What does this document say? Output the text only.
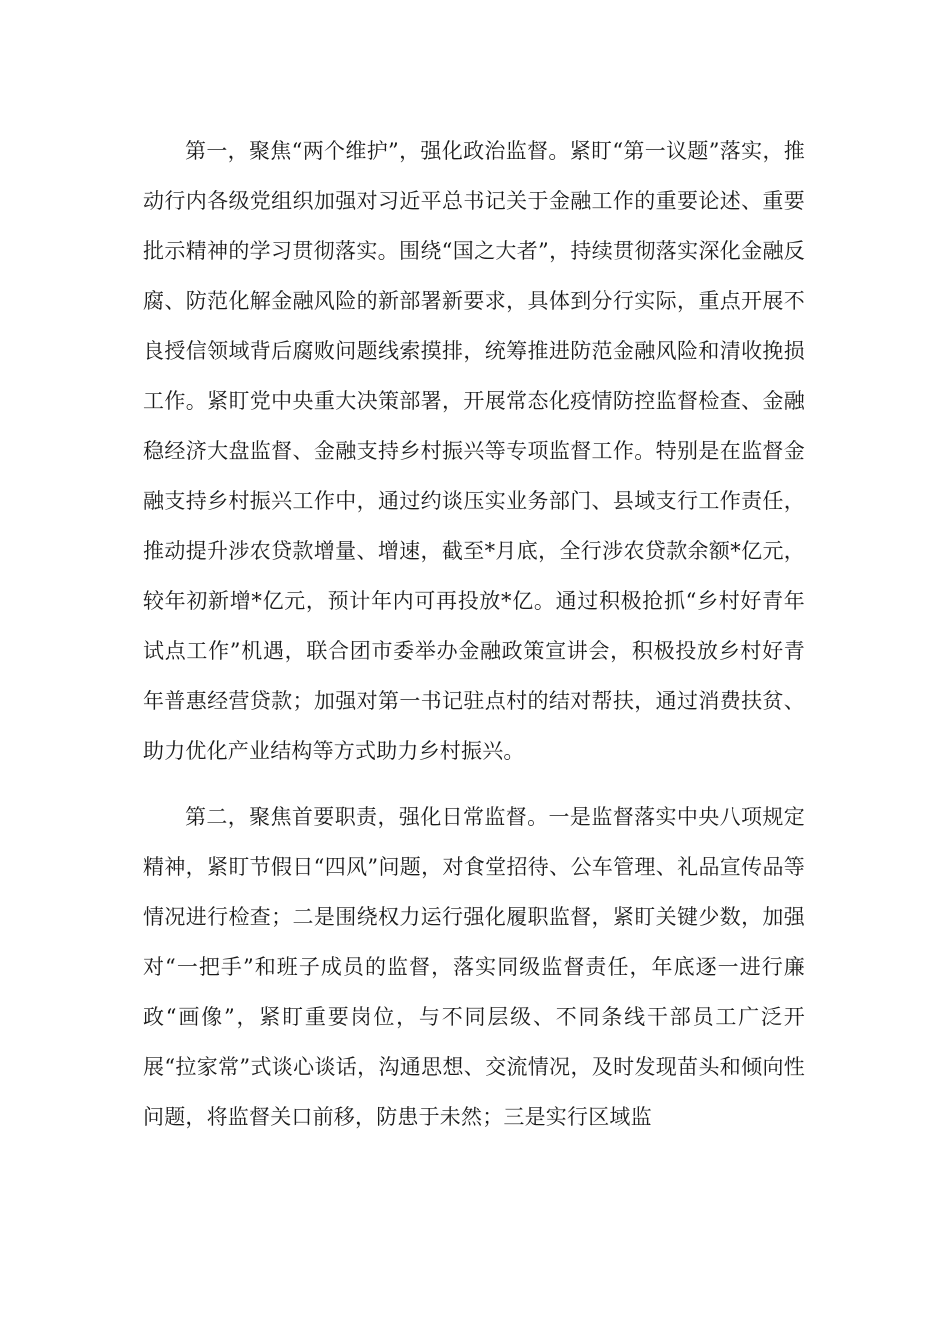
第一，聚焦“两个维护”，强化政治监督。紧盯“第一议题”落实，推动行内各级党组织加强对习近平总书记关于金融工作的重要论述、重要批示精神的学习贯彻落实。围绕“国之大者”，持续贯彻落实深化金融反腐、防范化解金融风险的新部署新要求，具体到分行实际，重点开展不良授信领域背后腐败问题线索摸排，统筹推进防范金融风险和清收挽损工作。紧盯党中央重大决策部署，开展常态化疫情防控监督检查、金融稳经济大盘监督、金融支持乡村振兴等专项监督工作。特别是在监督金融支持乡村振兴工作中，通过约谈压实业务部门、县域支行工作责任，推动提升涉农贷款增量、增速，截至*月底，全行涉农贷款余额*亿元，较年初新增*亿元，预计年内可再投放*亿。通过积极抢抓“乡村好青年试点工作”机遇，联合团市委举办金融政策宣讲会，积极投放乡村好青年普惠经营贷款；加强对第一书记驻点村的结对帮扶，通过消费扶贫、助力优化产业结构等方式助力乡村振兴。

第二，聚焦首要职责，强化日常监督。一是监督落实中央八项规定精神，紧盯节假日“四风”问题，对食堂招待、公车管理、礼品宣传品等情况进行检查；二是围绕权力运行强化履职监督，紧盯关键少数，加强对“一把手”和班子成员的监督，落实同级监督责任，年底逐一进行廉政“画像”，紧盯重要岗位，与不同层级、不同条线干部员工广泛开展“拉家常”式谈心谈话，沟通思想、交流情况，及时发现苗头和倾向性问题，将监督关口前移，防患于未然；三是实行区域监
